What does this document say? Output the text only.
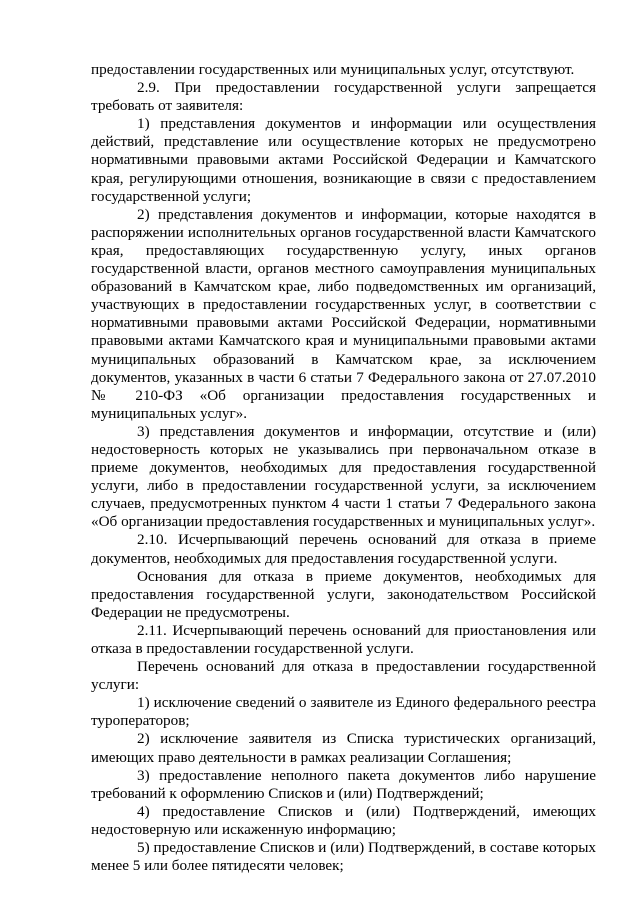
предоставлении государственных или муниципальных услуг, отсутствуют.

2.9. При предоставлении государственной услуги запрещается требовать от заявителя:

1) представления документов и информации или осуществления действий, представление или осуществление которых не предусмотрено нормативными правовыми актами Российской Федерации и Камчатского края, регулирующими отношения, возникающие в связи с предоставлением государственной услуги;

2) представления документов и информации, которые находятся в распоряжении исполнительных органов государственной власти Камчатского края, предоставляющих государственную услугу, иных органов государственной власти, органов местного самоуправления муниципальных образований в Камчатском крае, либо подведомственных им организаций, участвующих в предоставлении государственных услуг, в соответствии с нормативными правовыми актами Российской Федерации, нормативными правовыми актами Камчатского края и муниципальными правовыми актами муниципальных образований в Камчатском крае, за исключением документов, указанных в части 6 статьи 7 Федерального закона от 27.07.2010 № 210-ФЗ «Об организации предоставления государственных и муниципальных услуг».

3) представления документов и информации, отсутствие и (или) недостоверность которых не указывались при первоначальном отказе в приеме документов, необходимых для предоставления государственной услуги, либо в предоставлении государственной услуги, за исключением случаев, предусмотренных пунктом 4 части 1 статьи 7 Федерального закона «Об организации предоставления государственных и муниципальных услуг».

2.10. Исчерпывающий перечень оснований для отказа в приеме документов, необходимых для предоставления государственной услуги.

Основания для отказа в приеме документов, необходимых для предоставления государственной услуги, законодательством Российской Федерации не предусмотрены.

2.11. Исчерпывающий перечень оснований для приостановления или отказа в предоставлении государственной услуги.

Перечень оснований для отказа в предоставлении государственной услуги:

1) исключение сведений о заявителе из Единого федерального реестра туроператоров;

2) исключение заявителя из Списка туристических организаций, имеющих право деятельности в рамках реализации Соглашения;

3) предоставление неполного пакета документов либо нарушение требований к оформлению Списков и (или) Подтверждений;

4) предоставление Списков и (или) Подтверждений, имеющих недостоверную или искаженную информацию;

5) предоставление Списков и (или) Подтверждений, в составе которых менее 5 или более пятидесяти человек;
